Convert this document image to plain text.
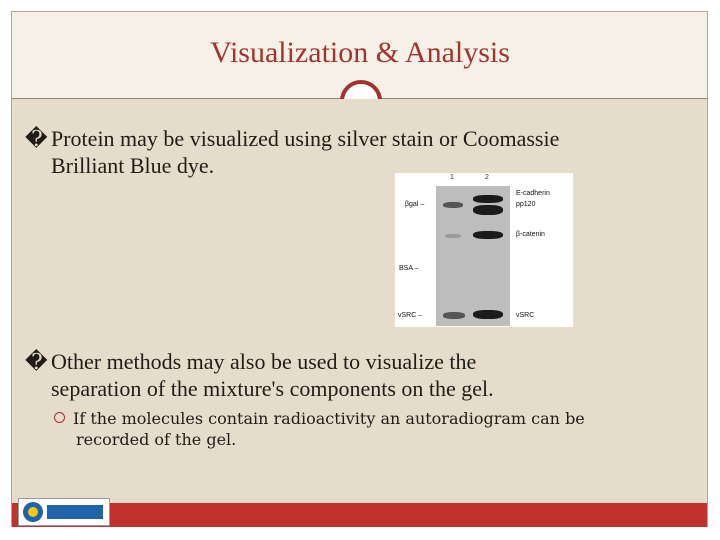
Visualization & Analysis
� Protein may be visualized using silver stain or Coomassie
Brilliant Blue dye.	1	2
βgal –
BSA –
vSRC –
E-cadherin
pp120
β-catenin
vSRC
� Other methods may also be used to visualize the
separation of the mixture's components on the gel.
If the molecules contain radioactivity an autoradiogram can be
recorded of the gel.
